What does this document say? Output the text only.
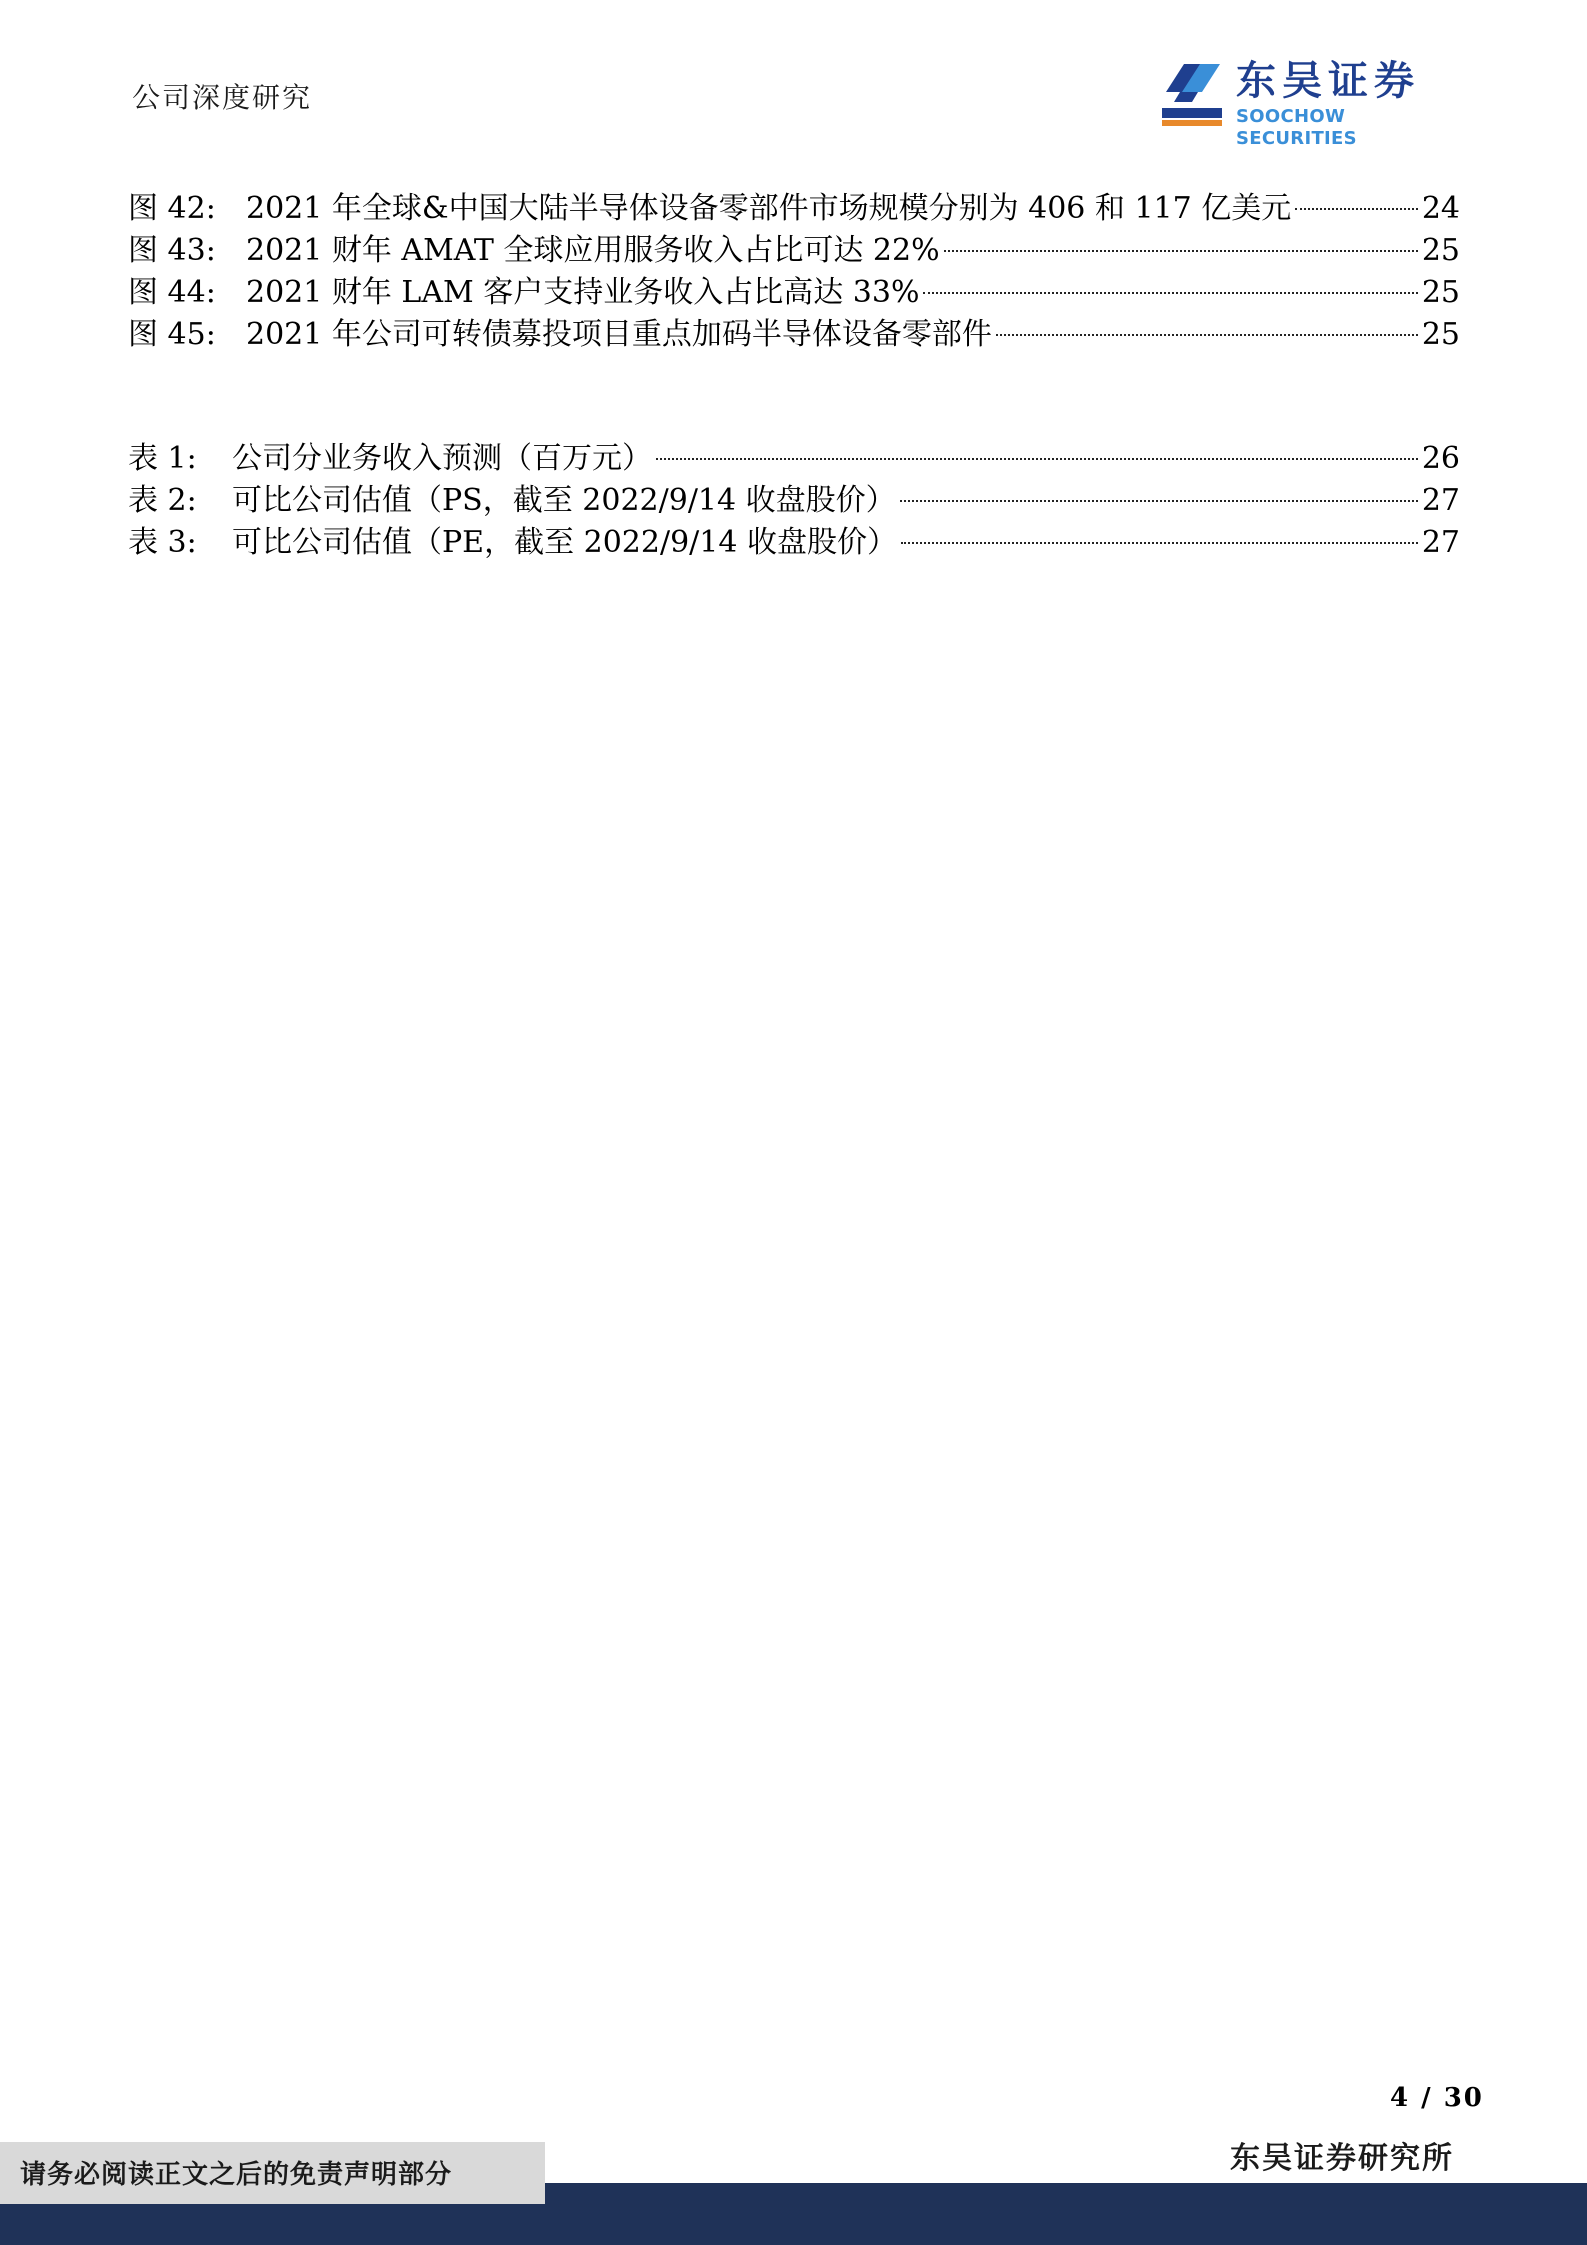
公司深度研究	东吴证券
SOOCHOW SECURITIES
图 42:	2021 年全球&中国大陆半导体设备零部件市场规模分别为 406 和 117 亿美元	24
图 43:	2021 财年 AMAT 全球应用服务收入占比可达 22%	25
图 44:	2021 财年 LAM 客户支持业务收入占比高达 33%	25
图 45:	2021 年公司可转债募投项目重点加码半导体设备零部件	25
表 1:	公司分业务收入预测（百万元）	26
表 2:	可比公司估值（PS，截至 2022/9/14 收盘股价）	27
表 3:	可比公司估值（PE，截至 2022/9/14 收盘股价）	27
4 / 30
请务必阅读正文之后的免责声明部分	东吴证券研究所
